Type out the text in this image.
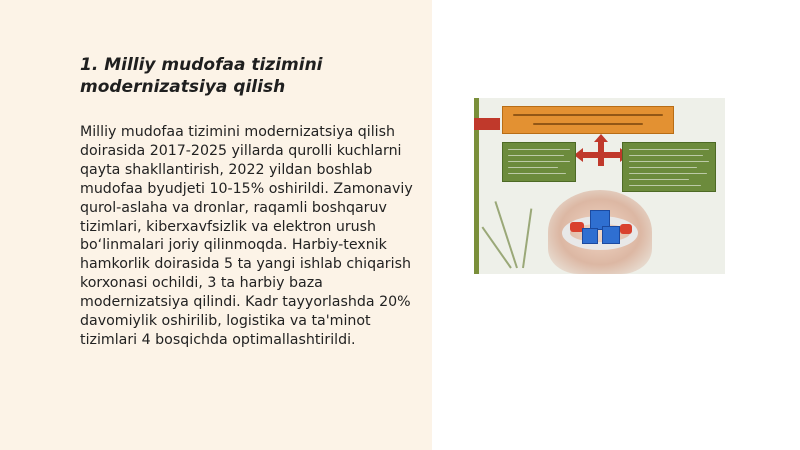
1. Milliy mudofaa tizimini modernizatsiya qilish
Milliy mudofaa tizimini modernizatsiya qilish doirasida 2017-2025 yillarda qurolli kuchlarni qayta shakllantirish, 2022 yildan boshlab mudofaa byudjeti 10-15% oshirildi. Zamonaviy qurol-aslaha va dronlar, raqamli boshqaruv tizimlari, kiberxavfsizlik va elektron urush bo‘linmalari joriy qilinmoqda. Harbiy-texnik hamkorlik doirasida 5 ta yangi ishlab chiqarish korxonasi ochildi, 3 ta harbiy baza modernizatsiya qilindi. Kadr tayyorlashda 20% davomiylik oshirilib, logistika va ta'minot tizimlari 4 bosqichda optimallashtirildi.
